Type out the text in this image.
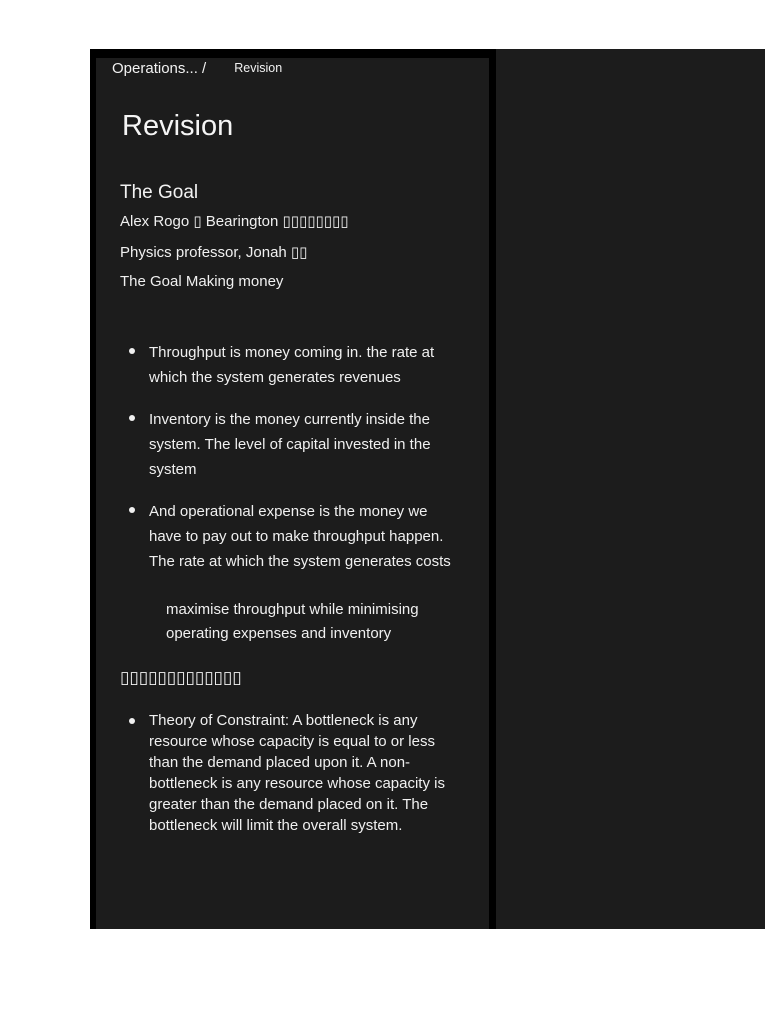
Operations... / Revision
Revision
The Goal
Alex Rogo ▯ Bearington ▯▯▯▯▯▯▯▯
Physics professor, Jonah ▯▯
The Goal Making money
Throughput is money coming in. the rate at which the system generates revenues
Inventory is the money currently inside the system. The level of capital invested in the system
And operational expense is the money we have to pay out to make throughput happen. The rate at which the system generates costs
maximise throughput while minimising operating expenses and inventory
▯▯▯▯▯▯▯▯▯▯▯▯▯
Theory of Constraint: A bottleneck is any resource whose capacity is equal to or less than the demand placed upon it. A non-bottleneck is any resource whose capacity is greater than the demand placed on it. The bottleneck will limit the overall system.
